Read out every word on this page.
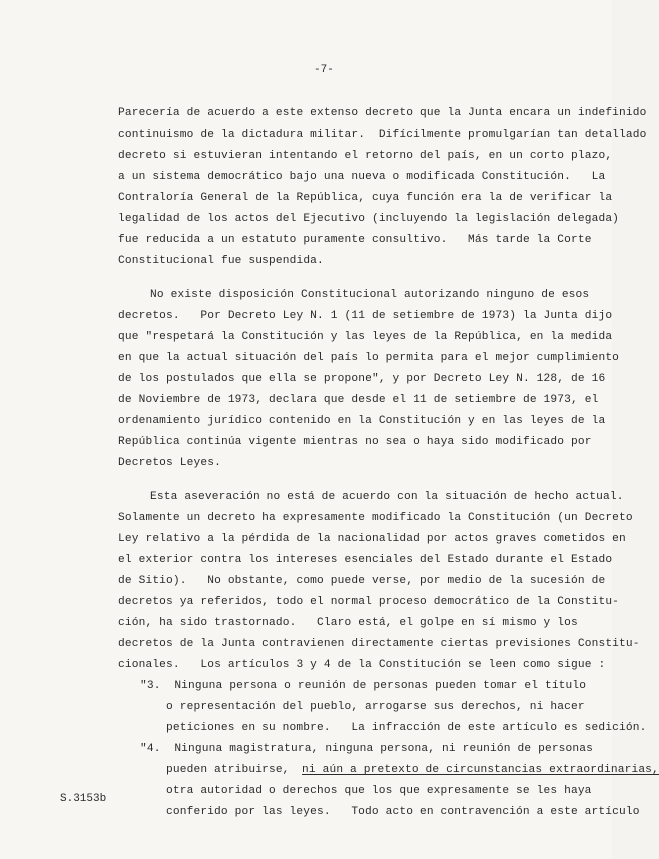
-7-
Parecería de acuerdo a este extenso decreto que la Junta encara un indefinido
continuismo de la dictadura militar.  Difícilmente promulgarían tan detallado
decreto si estuvieran intentando el retorno del país, en un corto plazo,
a un sistema democrático bajo una nueva o modificada Constitución.   La
Contraloría General de la República, cuya función era la de verificar la
legalidad de los actos del Ejecutivo (incluyendo la legislación delegada)
fue reducida a un estatuto puramente consultivo.   Más tarde la Corte
Constitucional fue suspendida.
No existe disposición Constitucional autorizando ninguno de esos
decretos.   Por Decreto Ley N. 1 (11 de setiembre de 1973) la Junta dijo
que "respetará la Constitución y las leyes de la República, en la medida
en que la actual situación del país lo permita para el mejor cumplimiento
de los postulados que ella se propone", y por Decreto Ley N. 128, de 16
de Noviembre de 1973, declara que desde el 11 de setiembre de 1973, el
ordenamiento jurídico contenido en la Constitución y en las leyes de la
República continúa vigente mientras no sea o haya sido modificado por
Decretos Leyes.
Esta aseveración no está de acuerdo con la situación de hecho actual.
Solamente un decreto ha expresamente modificado la Constitución (un Decreto
Ley relativo a la pérdida de la nacionalidad por actos graves cometidos en
el exterior contra los intereses esenciales del Estado durante el Estado
de Sitio).   No obstante, como puede verse, por medio de la sucesión de
decretos ya referidos, todo el normal proceso democrático de la Constitu-
ción, ha sido trastornado.   Claro está, el golpe en sí mismo y los
decretos de la Junta contravienen directamente ciertas previsiones Constitu-
cionales.   Los artículos 3 y 4 de la Constitución se leen como sigue :
"3.  Ninguna persona o reunión de personas pueden tomar el título
o representación del pueblo, arrogarse sus derechos, ni hacer
peticiones en su nombre.   La infracción de este artículo es sedición.
"4.  Ninguna magistratura, ninguna persona, ni reunión de personas
pueden atribuirse, ni aún a pretexto de circunstancias extraordinarias,
otra autoridad o derechos que los que expresamente se les haya
conferido por las leyes.   Todo acto en contravención a este artículo
S.3153b
